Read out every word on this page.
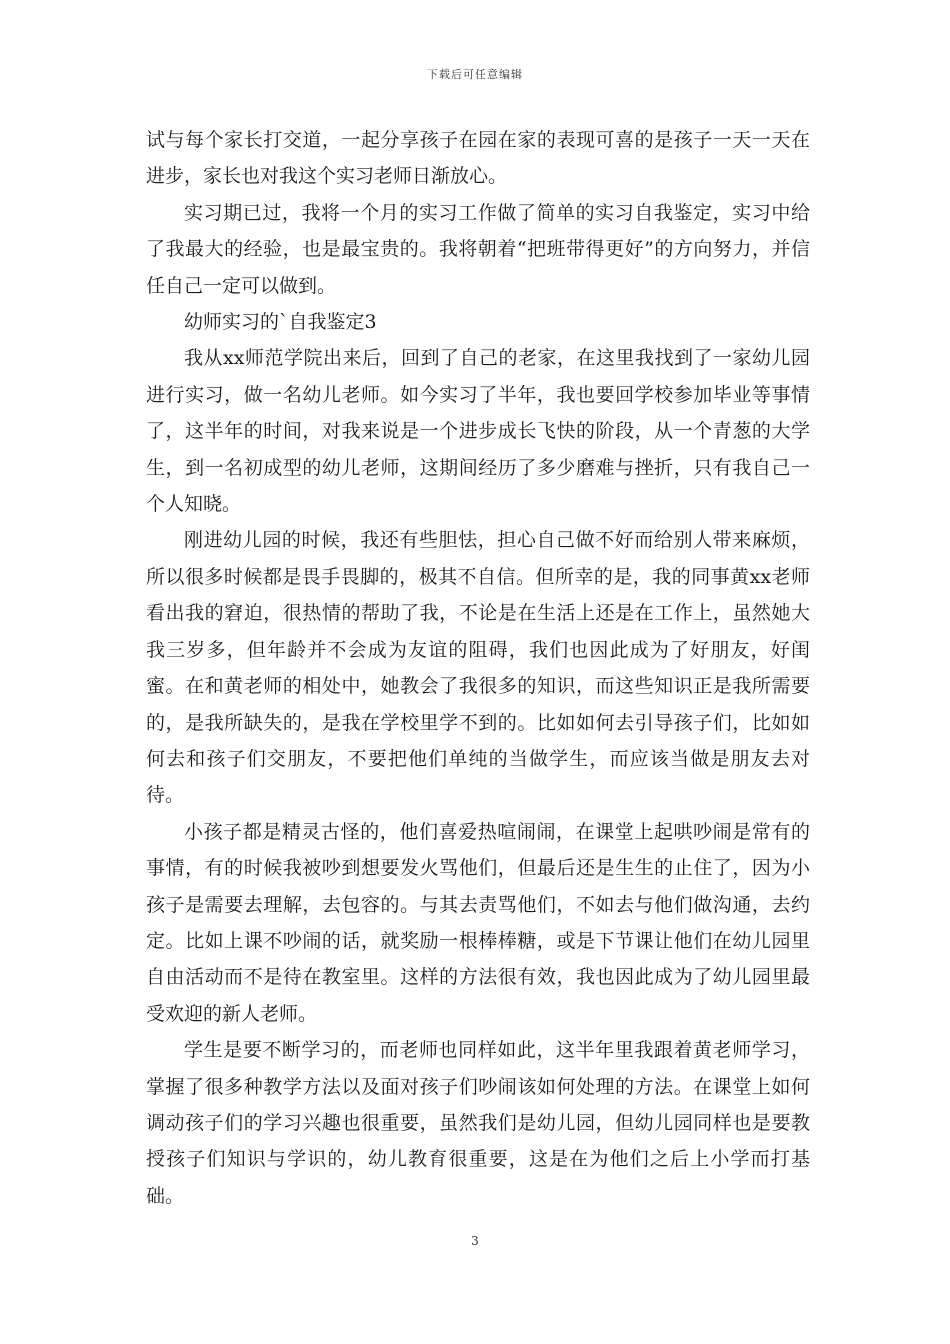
下载后可任意编辑

试与每个家长打交道，一起分享孩子在园在家的表现可喜的是孩子一天一天在进步，家长也对我这个实习老师日渐放心。

实习期已过，我将一个月的实习工作做了简单的实习自我鉴定，实习中给了我最大的经验，也是最宝贵的。我将朝着“把班带得更好”的方向努力，并信任自己一定可以做到。

幼师实习的`自我鉴定3

我从xx师范学院出来后，回到了自己的老家，在这里我找到了一家幼儿园进行实习，做一名幼儿老师。如今实习了半年，我也要回学校参加毕业等事情了，这半年的时间，对我来说是一个进步成长飞快的阶段，从一个青葱的大学生，到一名初成型的幼儿老师，这期间经历了多少磨难与挫折，只有我自己一个人知晓。

刚进幼儿园的时候，我还有些胆怯，担心自己做不好而给别人带来麻烦，所以很多时候都是畏手畏脚的，极其不自信。但所幸的是，我的同事黄xx老师看出我的窘迫，很热情的帮助了我，不论是在生活上还是在工作上，虽然她大我三岁多，但年龄并不会成为友谊的阻碍，我们也因此成为了好朋友，好闺蜜。在和黄老师的相处中，她教会了我很多的知识，而这些知识正是我所需要的，是我所缺失的，是我在学校里学不到的。比如如何去引导孩子们，比如如何去和孩子们交朋友，不要把他们单纯的当做学生，而应该当做是朋友去对待。

小孩子都是精灵古怪的，他们喜爱热喧闹闹，在课堂上起哄吵闹是常有的事情，有的时候我被吵到想要发火骂他们，但最后还是生生的止住了，因为小孩子是需要去理解，去包容的。与其去责骂他们，不如去与他们做沟通，去约定。比如上课不吵闹的话，就奖励一根棒棒糖，或是下节课让他们在幼儿园里自由活动而不是待在教室里。这样的方法很有效，我也因此成为了幼儿园里最受欢迎的新人老师。

学生是要不断学习的，而老师也同样如此，这半年里我跟着黄老师学习，掌握了很多种教学方法以及面对孩子们吵闹该如何处理的方法。在课堂上如何调动孩子们的学习兴趣也很重要，虽然我们是幼儿园，但幼儿园同样也是要教授孩子们知识与学识的，幼儿教育很重要，这是在为他们之后上小学而打基础。

3
